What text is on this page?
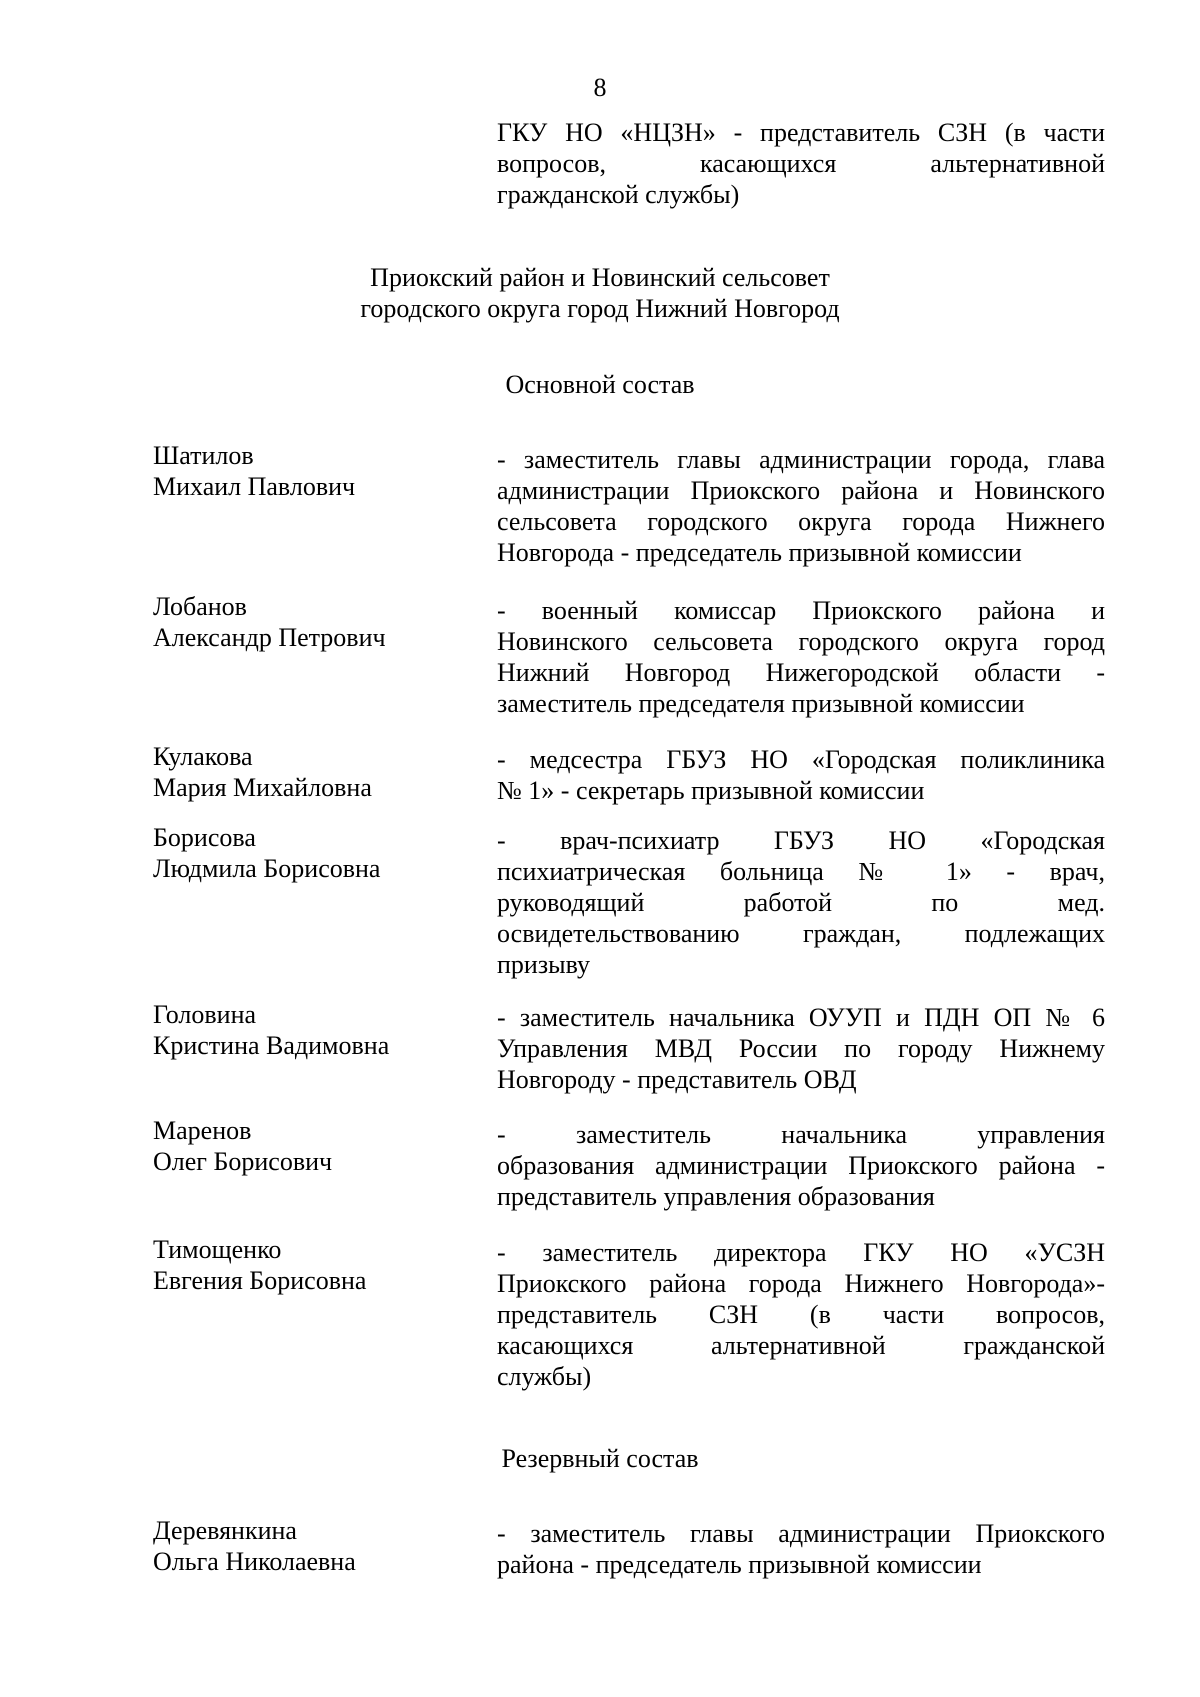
8
ГКУ НО «НЦЗН» - представитель СЗН (в части
вопросов, касающихся альтернативной
гражданской службы)
Приокский район и Новинский сельсовет
городского округа город Нижний Новгород
Основной состав
Шатилов
Михаил Павлович
- заместитель главы администрации города, глава
администрации Приокского района и Новинского
сельсовета городского округа города Нижнего
Новгорода - председатель призывной комиссии
Лобанов
Александр Петрович
- военный комиссар Приокского района и
Новинского сельсовета городского округа город
Нижний Новгород Нижегородской области -
заместитель председателя призывной комиссии
Кулакова
Мария Михайловна
- медсестра ГБУЗ НО «Городская поликлиника
№ 1» - секретарь призывной комиссии
Борисова
Людмила Борисовна
- врач-психиатр ГБУЗ НО «Городская
психиатрическая больница № 1» - врач,
руководящий работой по мед.
освидетельствованию граждан, подлежащих
призыву
Головина
Кристина Вадимовна
- заместитель начальника ОУУП и ПДН ОП № 6
Управления МВД России по городу Нижнему
Новгороду - представитель ОВД
Маренов
Олег Борисович
- заместитель начальника управления
образования администрации Приокского района -
представитель управления образования
Тимощенко
Евгения Борисовна
- заместитель директора ГКУ НО «УСЗН
Приокского района города Нижнего Новгорода»-
представитель СЗН (в части вопросов,
касающихся альтернативной гражданской
службы)
Резервный состав
Деревянкина
Ольга Николаевна
- заместитель главы администрации Приокского
района - председатель призывной комиссии
